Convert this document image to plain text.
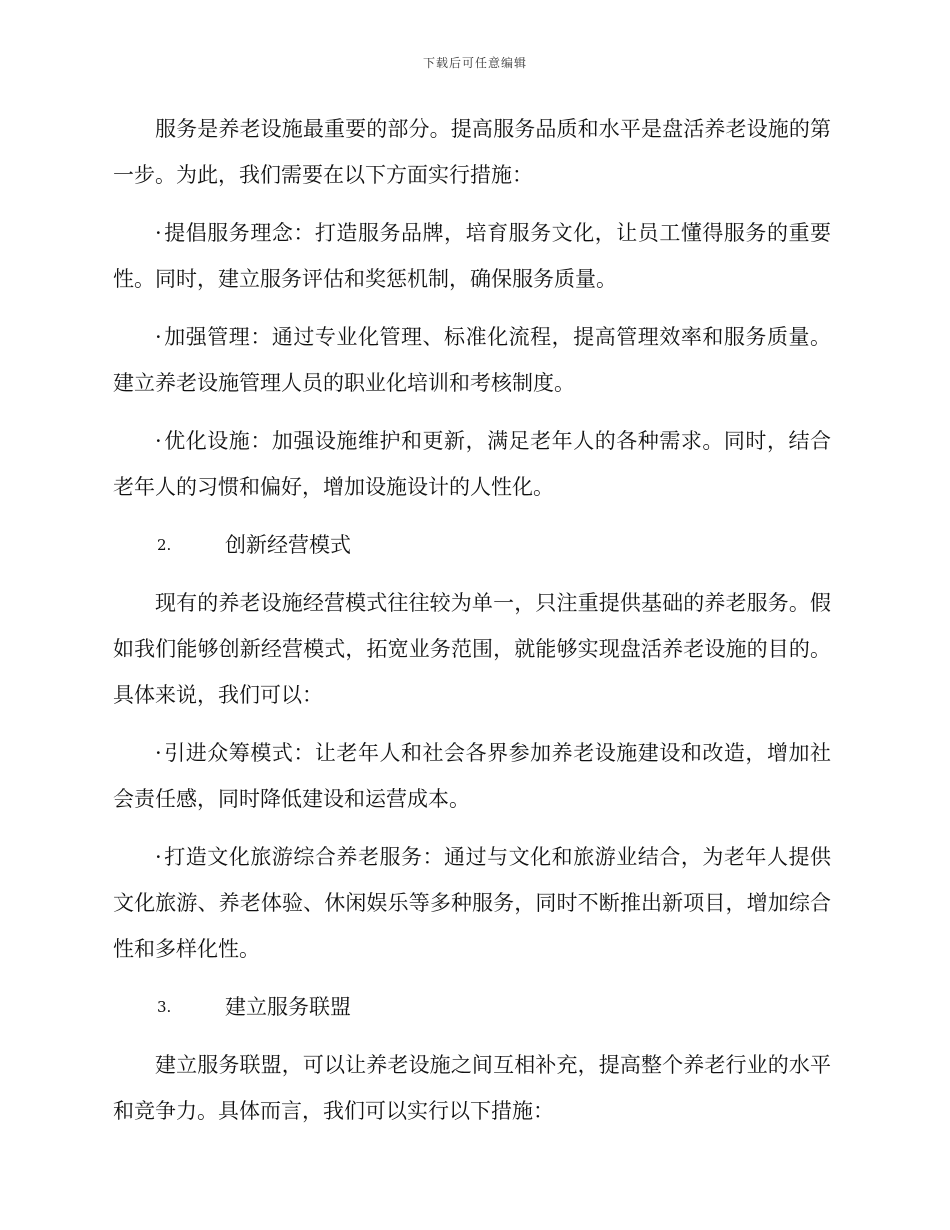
下载后可任意编辑

服务是养老设施最重要的部分。提高服务品质和水平是盘活养老设施的第一步。为此，我们需要在以下方面实行措施：

·提倡服务理念：打造服务品牌，培育服务文化，让员工懂得服务的重要性。同时，建立服务评估和奖惩机制，确保服务质量。

·加强管理：通过专业化管理、标准化流程，提高管理效率和服务质量。建立养老设施管理人员的职业化培训和考核制度。

·优化设施：加强设施维护和更新，满足老年人的各种需求。同时，结合老年人的习惯和偏好，增加设施设计的人性化。

2.	创新经营模式

现有的养老设施经营模式往往较为单一，只注重提供基础的养老服务。假如我们能够创新经营模式，拓宽业务范围，就能够实现盘活养老设施的目的。具体来说，我们可以：

·引进众筹模式：让老年人和社会各界参加养老设施建设和改造，增加社会责任感，同时降低建设和运营成本。

·打造文化旅游综合养老服务：通过与文化和旅游业结合，为老年人提供文化旅游、养老体验、休闲娱乐等多种服务，同时不断推出新项目，增加综合性和多样化性。

3.	建立服务联盟

建立服务联盟，可以让养老设施之间互相补充，提高整个养老行业的水平和竞争力。具体而言，我们可以实行以下措施：
